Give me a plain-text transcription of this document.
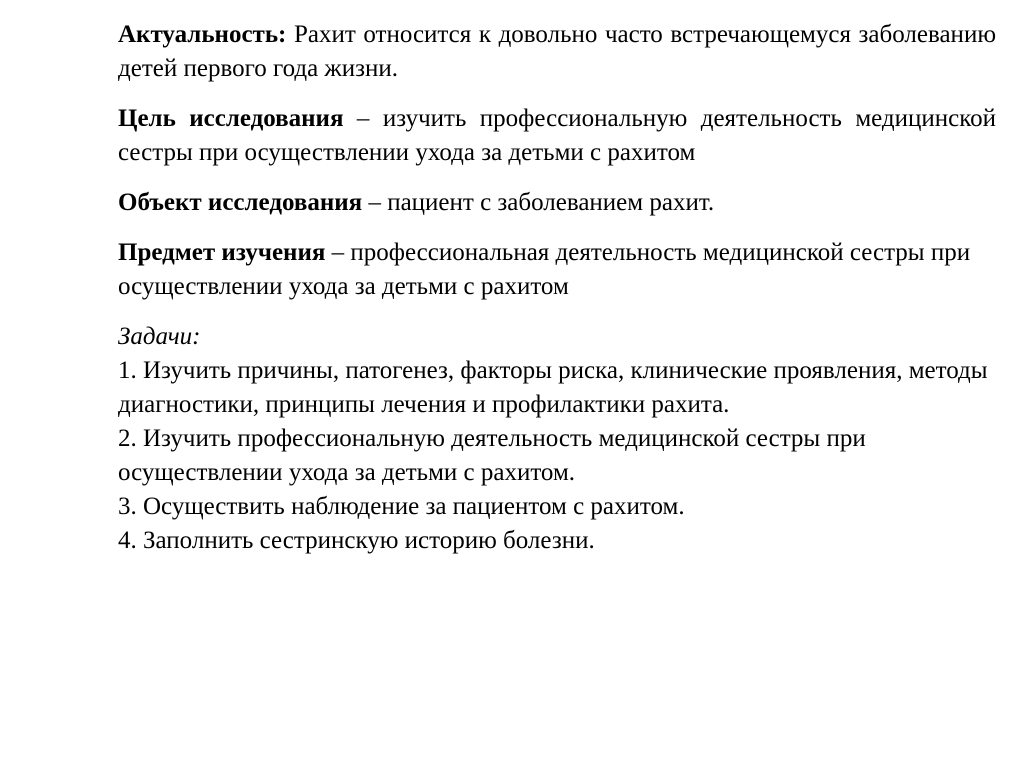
Актуальность: Рахит относится к довольно часто встречающемуся заболеванию детей первого года жизни.

Цель исследования – изучить профессиональную деятельность медицинской сестры при осуществлении ухода за детьми с рахитом

Объект исследования – пациент с заболеванием рахит.

Предмет изучения – профессиональная деятельность медицинской сестры при осуществлении ухода за детьми с рахитом

Задачи:
1. Изучить причины, патогенез, факторы риска, клинические проявления, методы диагностики, принципы лечения и профилактики рахита.
2. Изучить профессиональную деятельность медицинской сестры при осуществлении ухода за детьми с рахитом.
3. Осуществить наблюдение за пациентом с рахитом.
4. Заполнить сестринскую историю болезни.
